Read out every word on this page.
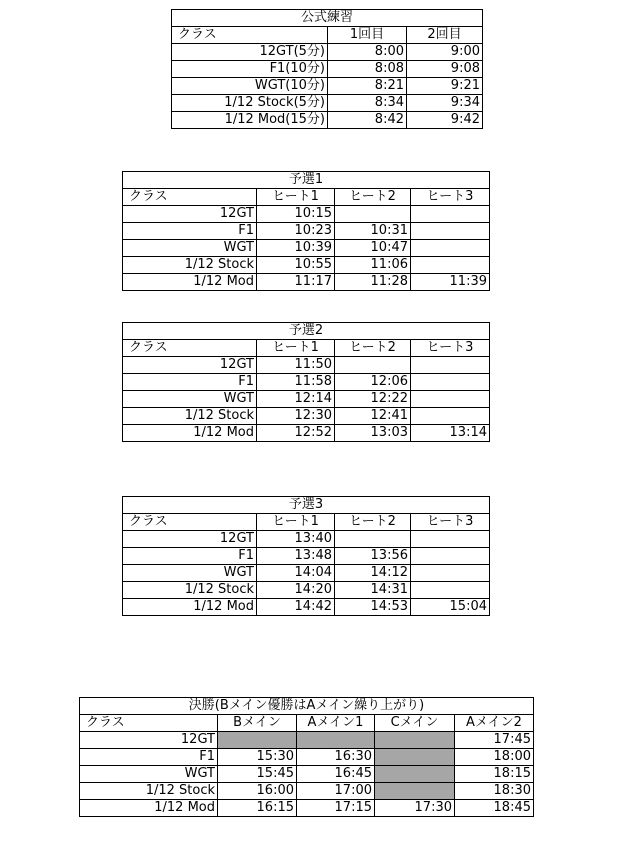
公式練習		
クラス	1回目	2回目
12GT(5分)	8:00	9:00
F1(10分)	8:08	9:08
WGT(10分)	8:21	9:21
1/12 Stock(5分)	8:34	9:34
1/12 Mod(15分)	8:42	9:42
予選1			
クラス	ヒート1	ヒート2	ヒート3
12GT	10:15		
F1	10:23	10:31	
WGT	10:39	10:47	
1/12 Stock	10:55	11:06	
1/12 Mod	11:17	11:28	11:39
予選2			
クラス	ヒート1	ヒート2	ヒート3
12GT	11:50		
F1	11:58	12:06	
WGT	12:14	12:22	
1/12 Stock	12:30	12:41	
1/12 Mod	12:52	13:03	13:14
予選3			
クラス	ヒート1	ヒート2	ヒート3
12GT	13:40		
F1	13:48	13:56	
WGT	14:04	14:12	
1/12 Stock	14:20	14:31	
1/12 Mod	14:42	14:53	15:04
決勝(Bメイン優勝はAメイン繰り上がり)				
クラス	Bメイン	Aメイン1	Cメイン	Aメイン2
12GT				17:45
F1	15:30	16:30		18:00
WGT	15:45	16:45		18:15
1/12 Stock	16:00	17:00		18:30
1/12 Mod	16:15	17:15	17:30	18:45
